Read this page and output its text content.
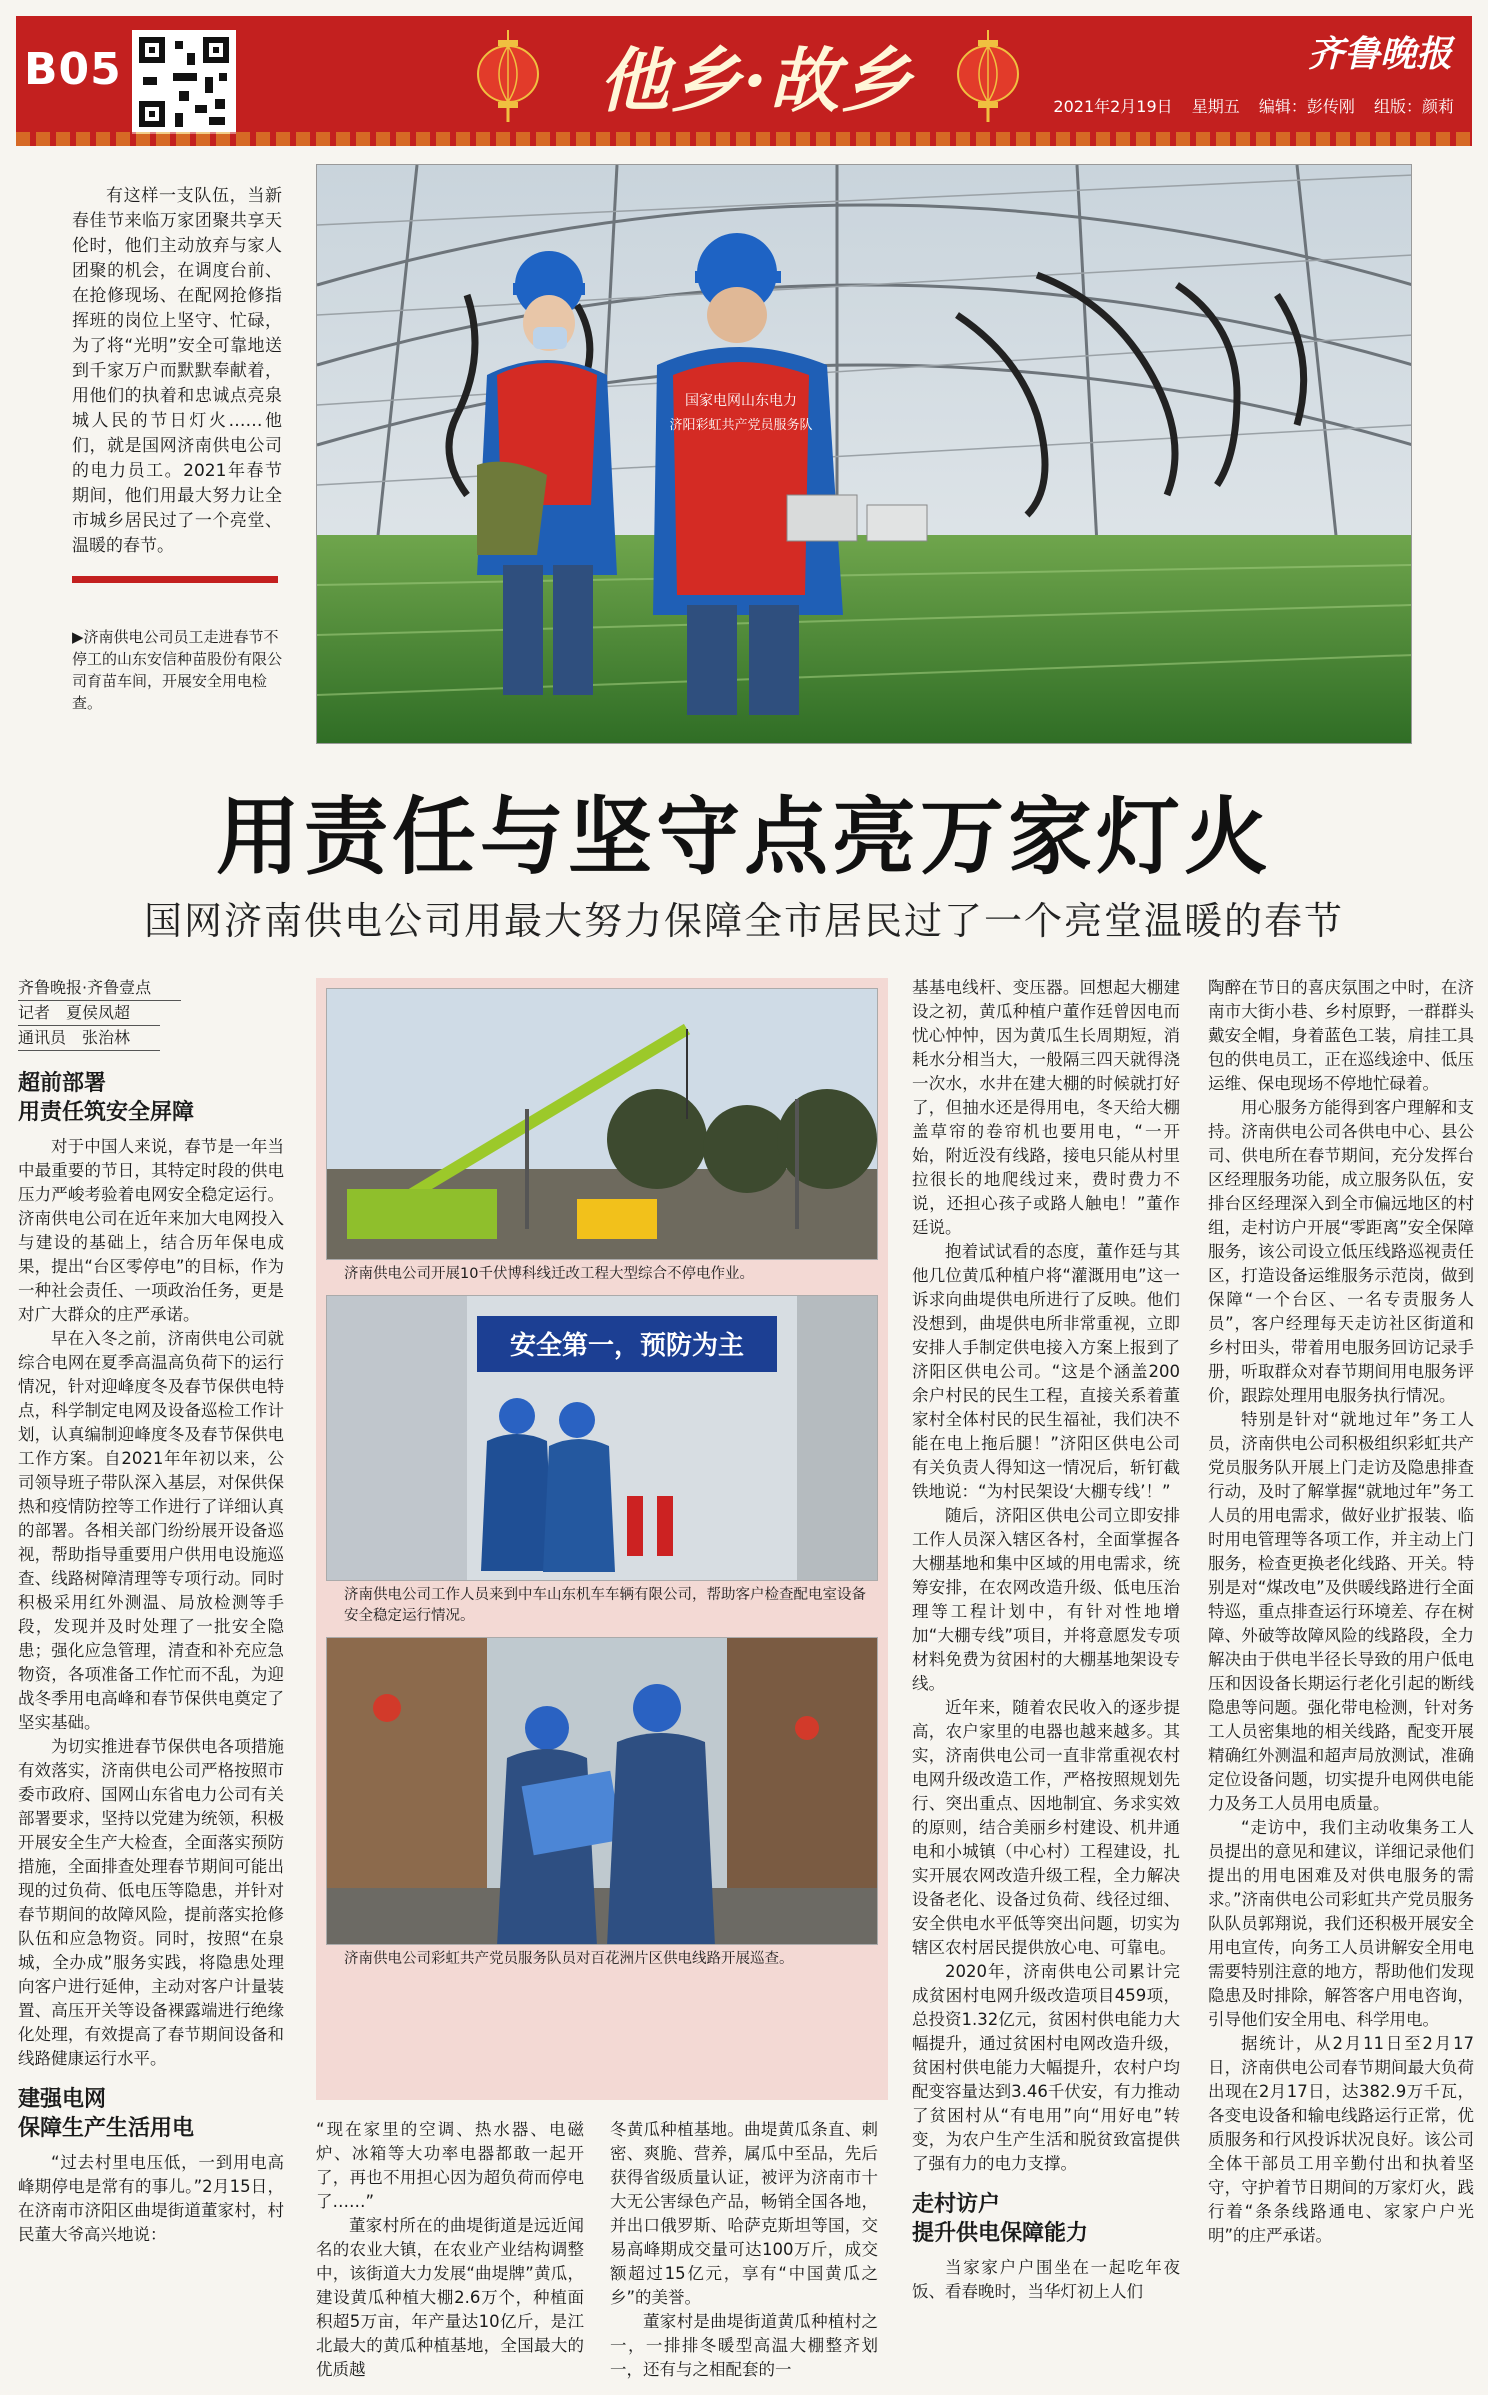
B05	他乡·故乡	齐鲁晚报
2021年2月19日 星期五 编辑：彭传刚 组版：颜莉

有这样一支队伍，当新春佳节来临万家团聚共享天伦时，他们主动放弃与家人团聚的机会，在调度台前、在抢修现场、在配网抢修指挥班的岗位上坚守、忙碌，为了将“光明”安全可靠地送到千家万户而默默奉献着，用他们的执着和忠诚点亮泉城人民的节日灯火……他们，就是国网济南供电公司的电力员工。2021年春节期间，他们用最大努力让全市城乡居民过了一个亮堂、温暖的春节。

▶济南供电公司员工走进春节不停工的山东安信种苗股份有限公司育苗车间，开展安全用电检查。
国家电网山东电力
济阳彩虹共产党员服务队
用责任与坚守点亮万家灯火
国网济南供电公司用最大努力保障全市居民过了一个亮堂温暖的春节
齐鲁晚报·齐鲁壹点
记者　夏侯凤超
通讯员　张治林
超前部署
用责任筑安全屏障

对于中国人来说，春节是一年当中最重要的节日，其特定时段的供电压力严峻考验着电网安全稳定运行。济南供电公司在近年来加大电网投入与建设的基础上，结合历年保电成果，提出“台区零停电”的目标，作为一种社会责任、一项政治任务，更是对广大群众的庄严承诺。

早在入冬之前，济南供电公司就综合电网在夏季高温高负荷下的运行情况，针对迎峰度冬及春节保供电特点，科学制定电网及设备巡检工作计划，认真编制迎峰度冬及春节保供电工作方案。自2021年年初以来，公司领导班子带队深入基层，对保供保热和疫情防控等工作进行了详细认真的部署。各相关部门纷纷展开设备巡视，帮助指导重要用户供用电设施巡查、线路树障清理等专项行动。同时积极采用红外测温、局放检测等手段，发现并及时处理了一批安全隐患；强化应急管理，清查和补充应急物资，各项准备工作忙而不乱，为迎战冬季用电高峰和春节保供电奠定了坚实基础。

为切实推进春节保供电各项措施有效落实，济南供电公司严格按照市委市政府、国网山东省电力公司有关部署要求，坚持以党建为统领，积极开展安全生产大检查，全面落实预防措施，全面排查处理春节期间可能出现的过负荷、低电压等隐患，并针对春节期间的故障风险，提前落实抢修队伍和应急物资。同时，按照“在泉城，全办成”服务实践，将隐患处理向客户进行延伸，主动对客户计量装置、高压开关等设备裸露端进行绝缘化处理，有效提高了春节期间设备和线路健康运行水平。

建强电网
保障生产生活用电

“过去村里电压低，一到用电高峰期停电是常有的事儿。”2月15日，在济南市济阳区曲堤街道董家村，村民董大爷高兴地说：

济南供电公司开展10千伏博科线迁改工程大型综合不停电作业。
安全第一，预防为主
济南供电公司工作人员来到中车山东机车车辆有限公司，帮助客户检查配电室设备安全稳定运行情况。
济南供电公司彩虹共产党员服务队员对百花洲片区供电线路开展巡查。

“现在家里的空调、热水器、电磁炉、冰箱等大功率电器都敢一起开了，再也不用担心因为超负荷而停电了……”

董家村所在的曲堤街道是远近闻名的农业大镇，在农业产业结构调整中，该街道大力发展“曲堤牌”黄瓜，建设黄瓜种植大棚2.6万个，种植面积超5万亩，年产量达10亿斤，是江北最大的黄瓜种植基地，全国最大的优质越

冬黄瓜种植基地。曲堤黄瓜条直、刺密、爽脆、营养，属瓜中至品，先后获得省级质量认证，被评为济南市十大无公害绿色产品，畅销全国各地，并出口俄罗斯、哈萨克斯坦等国，交易高峰期成交量可达100万斤，成交额超过15亿元，享有“中国黄瓜之乡”的美誉。

董家村是曲堤街道黄瓜种植村之一，一排排冬暖型高温大棚整齐划一，还有与之相配套的一

基基电线杆、变压器。回想起大棚建设之初，黄瓜种植户董作廷曾因电而忧心忡忡，因为黄瓜生长周期短，消耗水分相当大，一般隔三四天就得浇一次水，水井在建大棚的时候就打好了，但抽水还是得用电，冬天给大棚盖草帘的卷帘机也要用电，“一开始，附近没有线路，接电只能从村里拉很长的地爬线过来，费时费力不说，还担心孩子或路人触电！”董作廷说。

抱着试试看的态度，董作廷与其他几位黄瓜种植户将“灌溉用电”这一诉求向曲堤供电所进行了反映。他们没想到，曲堤供电所非常重视，立即安排人手制定供电接入方案上报到了济阳区供电公司。“这是个涵盖200余户村民的民生工程，直接关系着董家村全体村民的民生福祉，我们决不能在电上拖后腿！”济阳区供电公司有关负责人得知这一情况后，斩钉截铁地说：“为村民架设‘大棚专线’！”

随后，济阳区供电公司立即安排工作人员深入辖区各村，全面掌握各大棚基地和集中区域的用电需求，统筹安排，在农网改造升级、低电压治理等工程计划中，有针对性地增加“大棚专线”项目，并将意愿发专项材料免费为贫困村的大棚基地架设专线。

近年来，随着农民收入的逐步提高，农户家里的电器也越来越多。其实，济南供电公司一直非常重视农村电网升级改造工作，严格按照规划先行、突出重点、因地制宜、务求实效的原则，结合美丽乡村建设、机井通电和小城镇（中心村）工程建设，扎实开展农网改造升级工程，全力解决设备老化、设备过负荷、线径过细、安全供电水平低等突出问题，切实为辖区农村居民提供放心电、可靠电。

2020年，济南供电公司累计完成贫困村电网升级改造项目459项，总投资1.32亿元，贫困村供电能力大幅提升，通过贫困村电网改造升级，贫困村供电能力大幅提升，农村户均配变容量达到3.46千伏安，有力推动了贫困村从“有电用”向“用好电”转变，为农户生产生活和脱贫致富提供了强有力的电力支撑。

走村访户
提升供电保障能力

当家家户户围坐在一起吃年夜饭、看春晚时，当华灯初上人们

陶醉在节日的喜庆氛围之中时，在济南市大街小巷、乡村原野，一群群头戴安全帽，身着蓝色工装，肩挂工具包的供电员工，正在巡线途中、低压运维、保电现场不停地忙碌着。

用心服务方能得到客户理解和支持。济南供电公司各供电中心、县公司、供电所在春节期间，充分发挥台区经理服务功能，成立服务队伍，安排台区经理深入到全市偏远地区的村组，走村访户开展“零距离”安全保障服务，该公司设立低压线路巡视责任区，打造设备运维服务示范岗，做到保障“一个台区、一名专责服务人员”，客户经理每天走访社区街道和乡村田头，带着用电服务回访记录手册，听取群众对春节期间用电服务评价，跟踪处理用电服务执行情况。

特别是针对“就地过年”务工人员，济南供电公司积极组织彩虹共产党员服务队开展上门走访及隐患排查行动，及时了解掌握“就地过年”务工人员的用电需求，做好业扩报装、临时用电管理等各项工作，并主动上门服务，检查更换老化线路、开关。特别是对“煤改电”及供暖线路进行全面特巡，重点排查运行环境差、存在树障、外破等故障风险的线路段，全力解决由于供电半径长导致的用户低电压和因设备长期运行老化引起的断线隐患等问题。强化带电检测，针对务工人员密集地的相关线路，配变开展精确红外测温和超声局放测试，准确定位设备问题，切实提升电网供电能力及务工人员用电质量。

“走访中，我们主动收集务工人员提出的意见和建议，详细记录他们提出的用电困难及对供电服务的需求。”济南供电公司彩虹共产党员服务队队员郭翔说，我们还积极开展安全用电宣传，向务工人员讲解安全用电需要特别注意的地方，帮助他们发现隐患及时排除，解答客户用电咨询，引导他们安全用电、科学用电。

据统计，从2月11日至2月17日，济南供电公司春节期间最大负荷出现在2月17日，达382.9万千瓦，各变电设备和输电线路运行正常，优质服务和行风投诉状况良好。该公司全体干部员工用辛勤付出和执着坚守，守护着节日期间的万家灯火，践行着“条条线路通电、家家户户光明”的庄严承诺。
